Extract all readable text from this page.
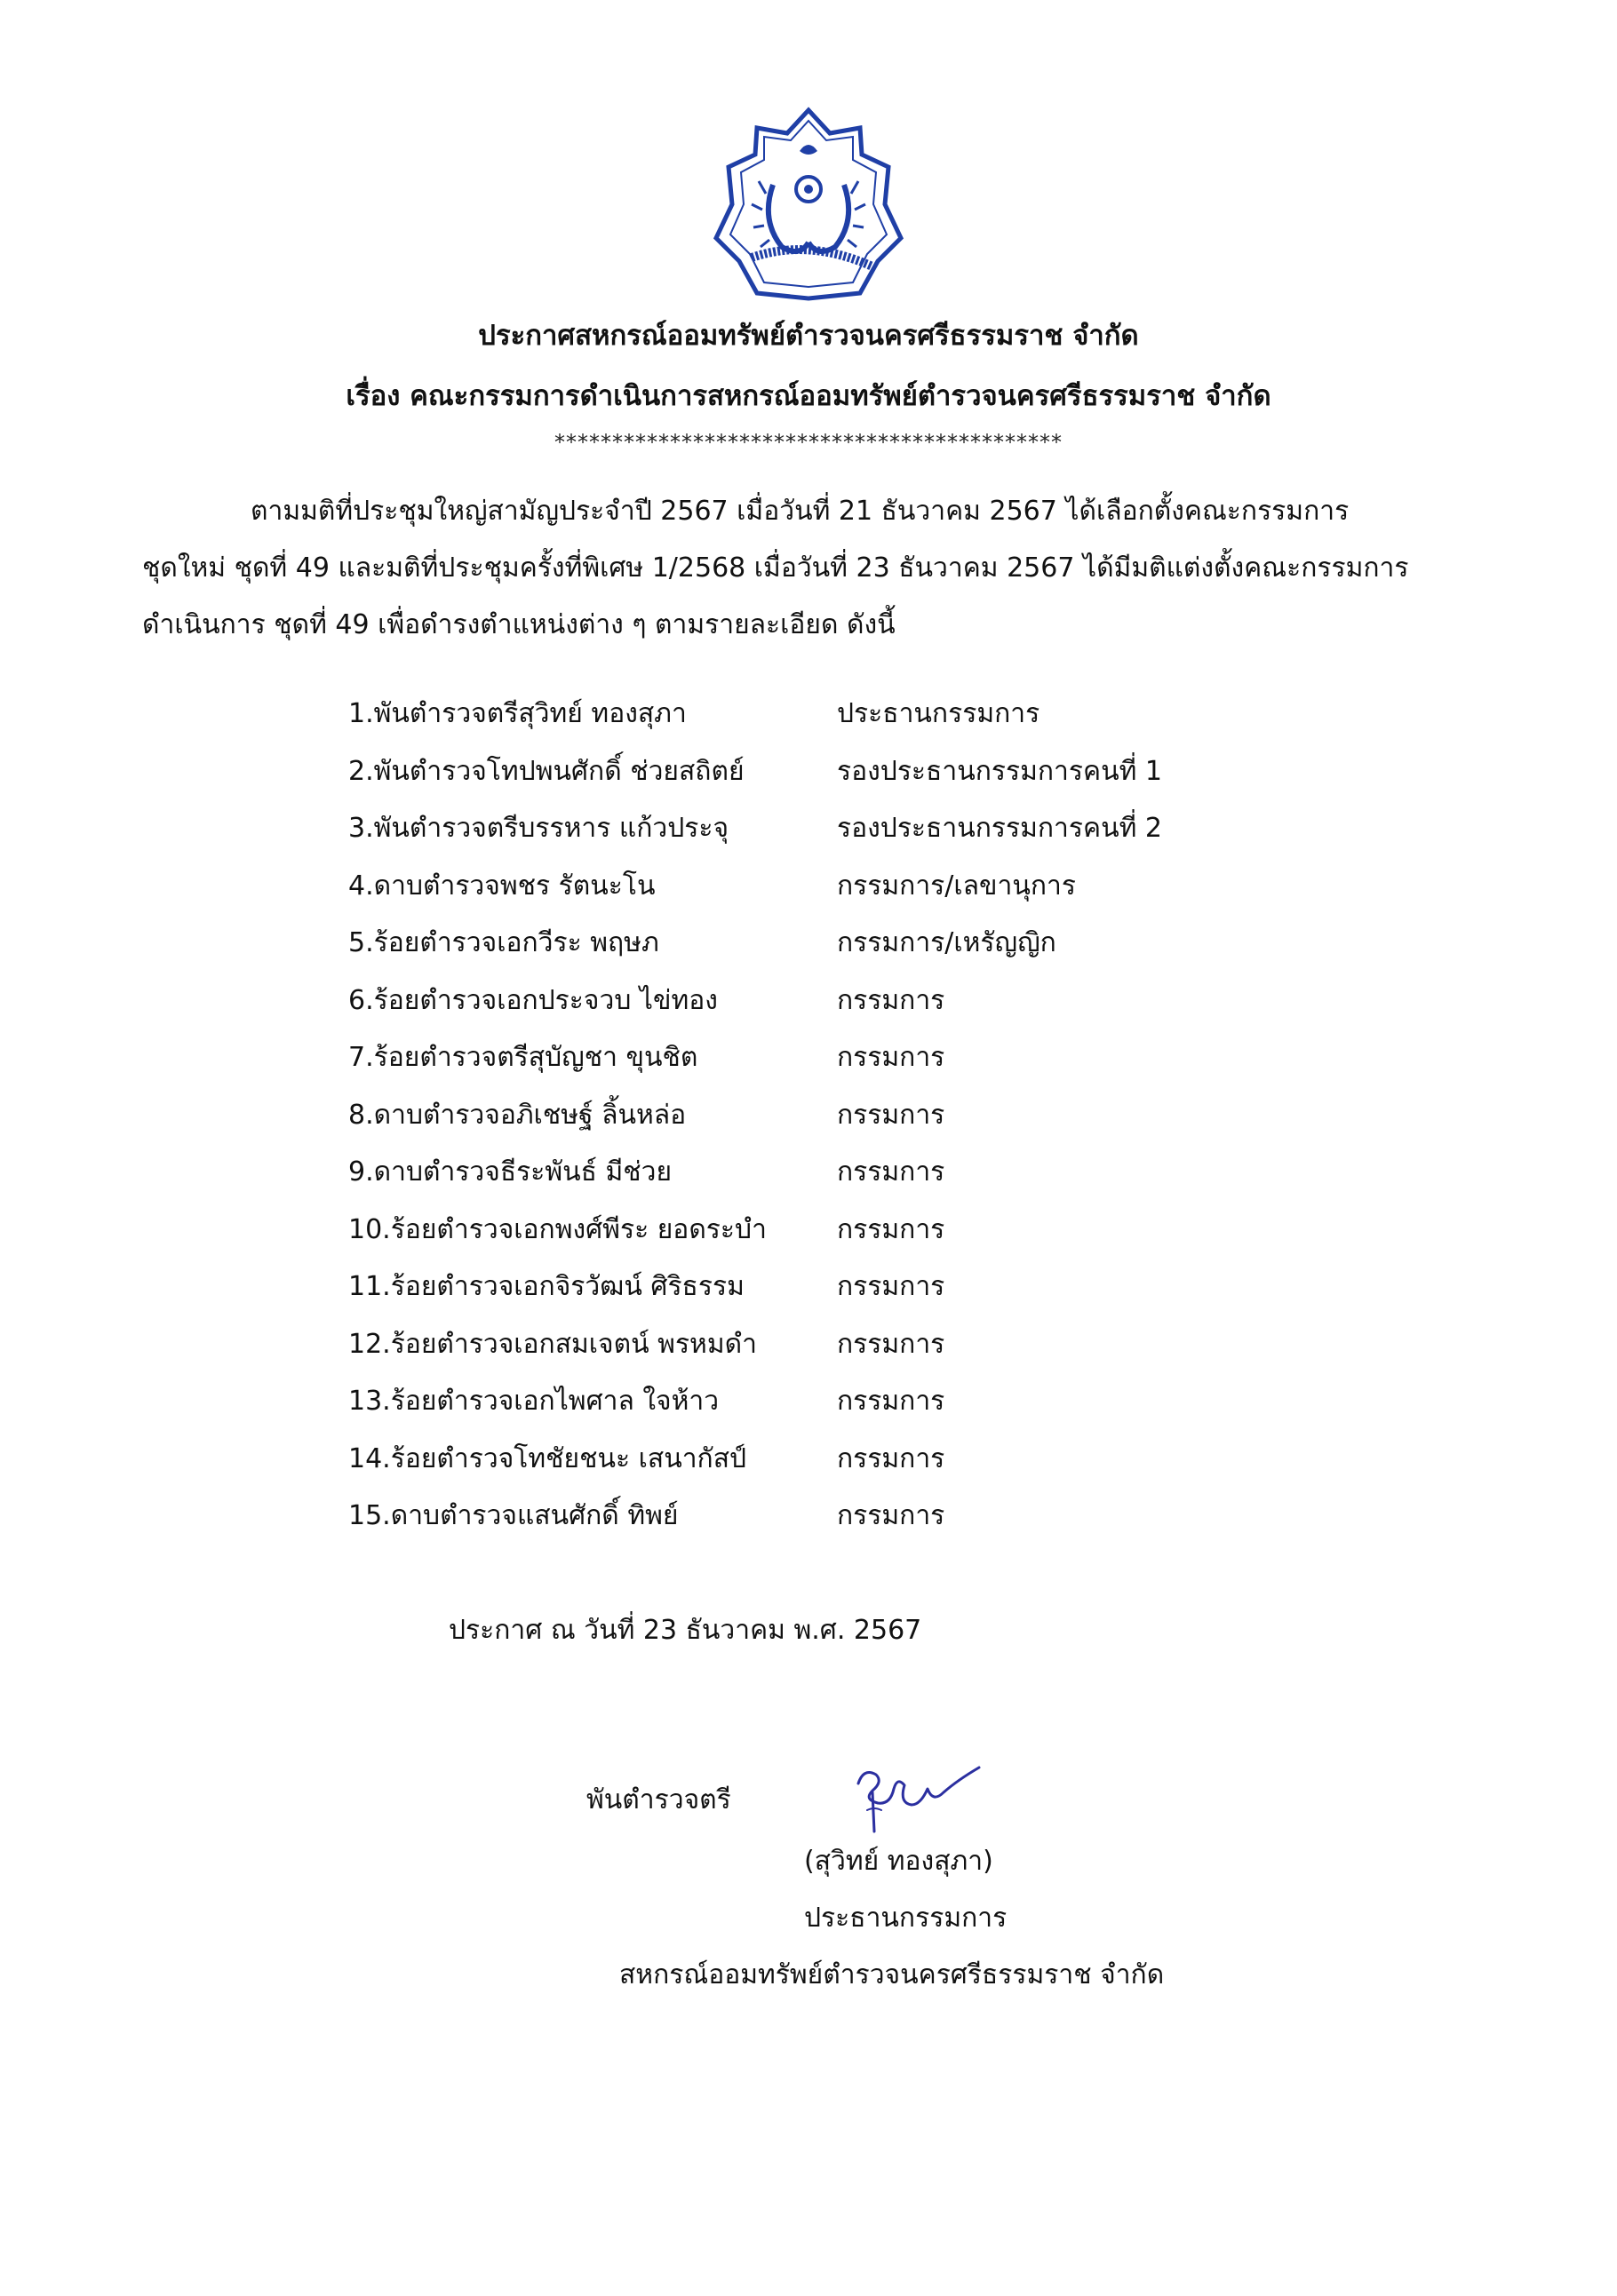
ประกาศสหกรณ์ออมทรัพย์ตำรวจนครศรีธรรมราช จำกัด
เรื่อง คณะกรรมการดำเนินการสหกรณ์ออมทรัพย์ตำรวจนครศรีธรรมราช จำกัด
********************************************
ตามมติที่ประชุมใหญ่สามัญประจำปี 2567 เมื่อวันที่ 21 ธันวาคม 2567 ได้เลือกตั้งคณะกรรมการ
ชุดใหม่ ชุดที่ 49 และมติที่ประชุมครั้งที่พิเศษ 1/2568 เมื่อวันที่ 23 ธันวาคม 2567 ได้มีมติแต่งตั้งคณะกรรมการ
ดำเนินการ ชุดที่ 49 เพื่อดำรงตำแหน่งต่าง ๆ ตามรายละเอียด ดังนี้
1.พันตำรวจตรีสุวิทย์ ทองสุภา	ประธานกรรมการ
2.พันตำรวจโทปพนศักดิ์ ช่วยสถิตย์	รองประธานกรรมการคนที่ 1
3.พันตำรวจตรีบรรหาร แก้วประจุ	รองประธานกรรมการคนที่ 2
4.ดาบตำรวจพชร รัตนะโน	กรรมการ/เลขานุการ
5.ร้อยตำรวจเอกวีระ พฤษภ	กรรมการ/เหรัญญิก
6.ร้อยตำรวจเอกประจวบ ไข่ทอง	กรรมการ
7.ร้อยตำรวจตรีสุบัญชา ขุนชิต	กรรมการ
8.ดาบตำรวจอภิเชษฐ์ ลิ้นหล่อ	กรรมการ
9.ดาบตำรวจธีระพันธ์ มีช่วย	กรรมการ
10.ร้อยตำรวจเอกพงศ์พีระ ยอดระบำ	กรรมการ
11.ร้อยตำรวจเอกจิรวัฒน์ ศิริธรรม	กรรมการ
12.ร้อยตำรวจเอกสมเจตน์ พรหมดำ	กรรมการ
13.ร้อยตำรวจเอกไพศาล ใจห้าว	กรรมการ
14.ร้อยตำรวจโทชัยชนะ เสนากัสป์	กรรมการ
15.ดาบตำรวจแสนศักดิ์ ทิพย์	กรรมการ
ประกาศ ณ วันที่ 23 ธันวาคม พ.ศ. 2567
พันตำรวจตรี
(สุวิทย์ ทองสุภา)
ประธานกรรมการ
สหกรณ์ออมทรัพย์ตำรวจนครศรีธรรมราช จำกัด
